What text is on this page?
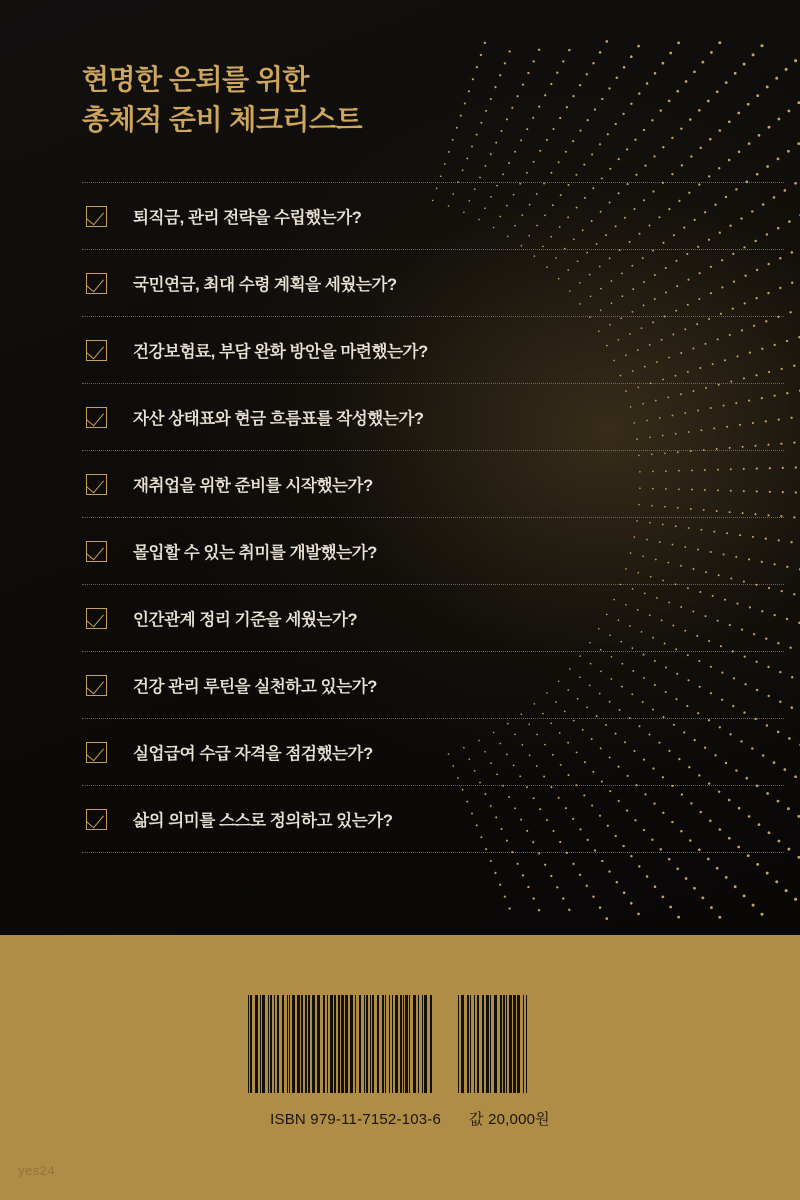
현명한 은퇴를 위한
총체적 준비 체크리스트
퇴직금, 관리 전략을 수립했는가?
국민연금, 최대 수령 계획을 세웠는가?
건강보험료, 부담 완화 방안을 마련했는가?
자산 상태표와 현금 흐름표를 작성했는가?
재취업을 위한 준비를 시작했는가?
몰입할 수 있는 취미를 개발했는가?
인간관계 정리 기준을 세웠는가?
건강 관리 루틴을 실천하고 있는가?
실업급여 수급 자격을 점검했는가?
삶의 의미를 스스로 정의하고 있는가?
ISBN 979-11-7152-103-6 값 20,000원
yes24
